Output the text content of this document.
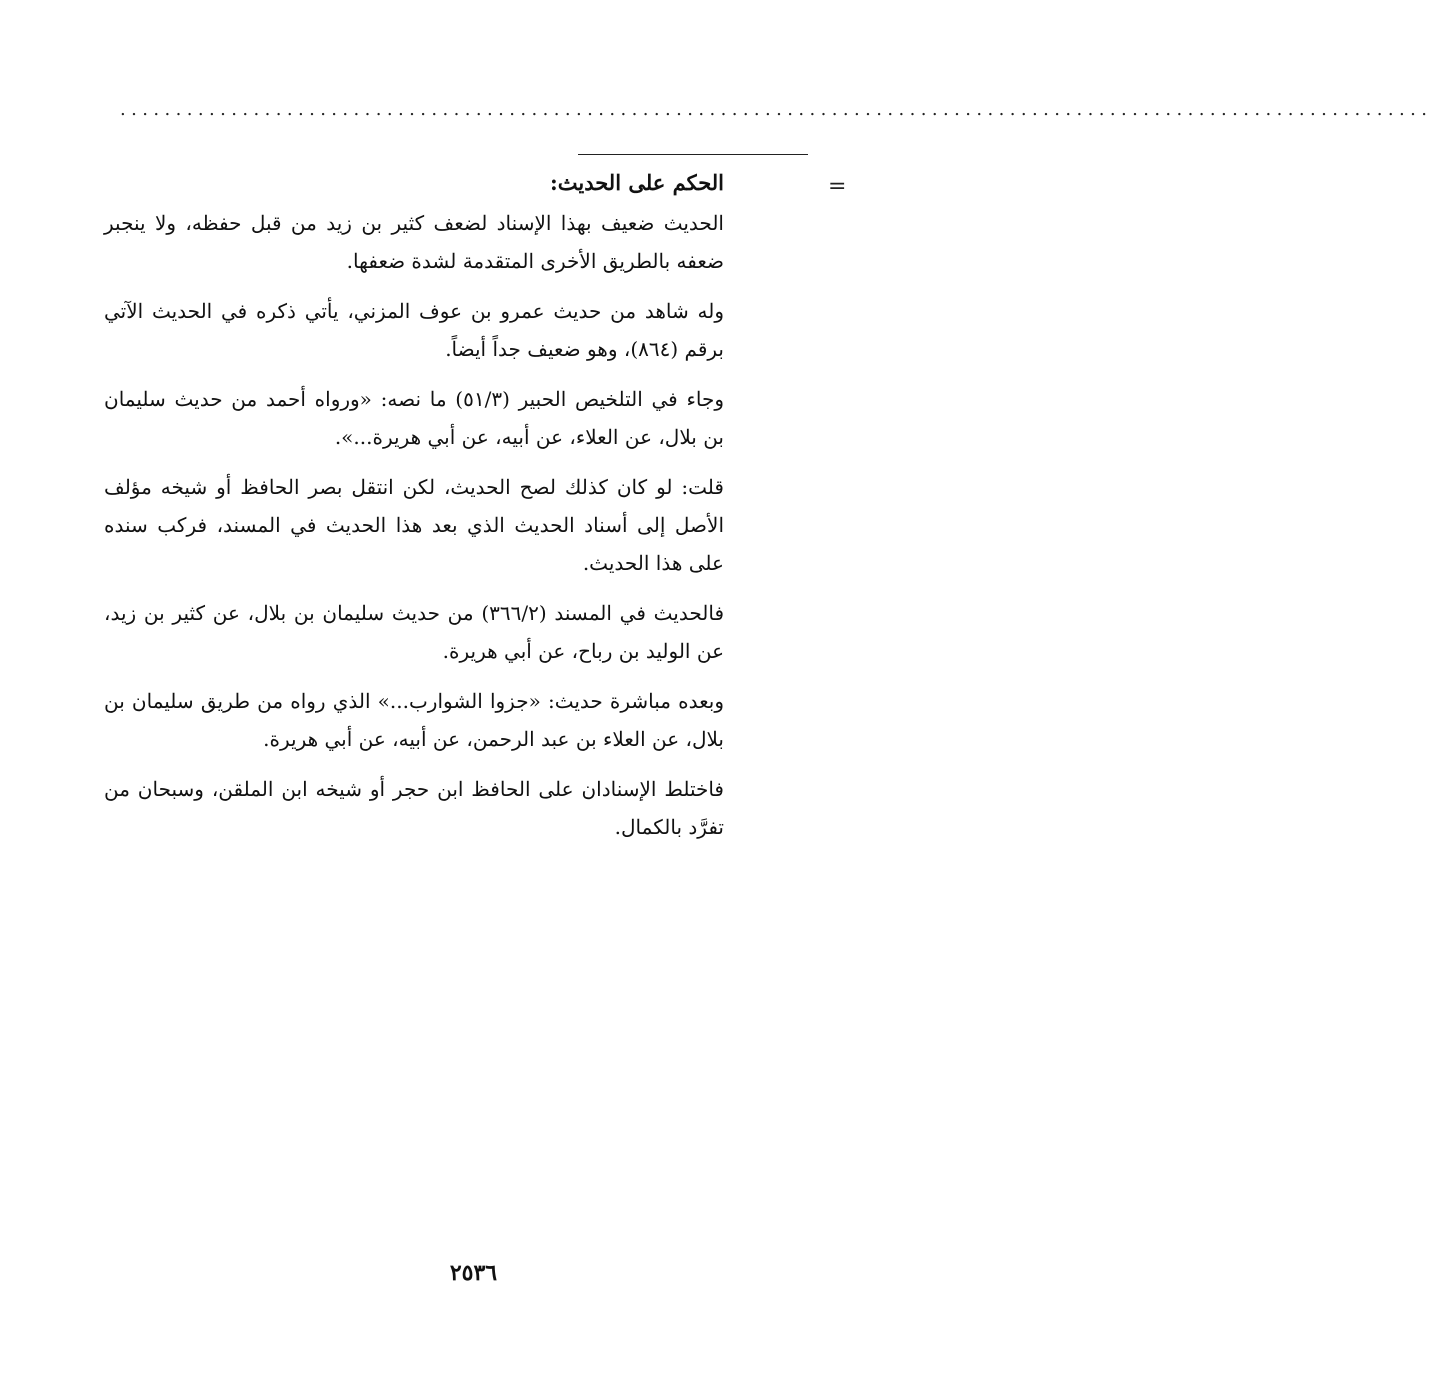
......................................................................................................................
=
الحكم على الحديث:

الحديث ضعيف بهذا الإسناد لضعف كثير بن زيد من قبل حفظه، ولا ينجبر ضعفه بالطريق الأخرى المتقدمة لشدة ضعفها.

وله شاهد من حديث عمرو بن عوف المزني، يأتي ذكره في الحديث الآتي برقم (٨٦٤)، وهو ضعيف جداً أيضاً.

وجاء في التلخيص الحبير (٥١/٣) ما نصه: «ورواه أحمد من حديث سليمان بن بلال، عن العلاء، عن أبيه، عن أبي هريرة...».

قلت: لو كان كذلك لصح الحديث، لكن انتقل بصر الحافظ أو شيخه مؤلف الأصل إلى أسناد الحديث الذي بعد هذا الحديث في المسند، فركب سنده على هذا الحديث.

فالحديث في المسند (٣٦٦/٢) من حديث سليمان بن بلال، عن كثير بن زيد، عن الوليد بن رباح، عن أبي هريرة.

وبعده مباشرة حديث: «جزوا الشوارب...» الذي رواه من طريق سليمان بن بلال، عن العلاء بن عبد الرحمن، عن أبيه، عن أبي هريرة.

فاختلط الإسنادان على الحافظ ابن حجر أو شيخه ابن الملقن، وسبحان من تفرَّد بالكمال.

٢٥٣٦
